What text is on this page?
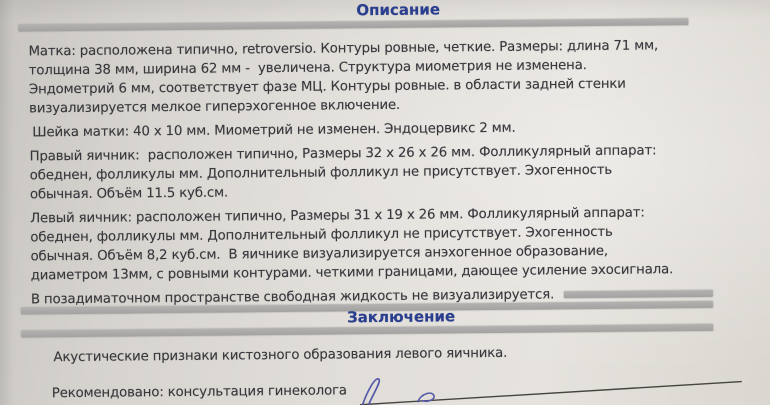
Описание
Матка: расположена типично, retroversio. Контуры ровные, четкие. Размеры: длина 71 мм,
толщина 38 мм, ширина 62 мм -  увеличена. Структура миометрия не изменена.
Эндометрий 6 мм, соответствует фазе МЦ. Контуры ровные. в области задней стенки
визуализируется мелкое гиперэхогенное включение.
Шейка матки: 40 х 10 мм. Миометрий не изменен. Эндоцервикс 2 мм.
Правый яичник:  расположен типично, Размеры 32 х 26 х 26 мм. Фолликулярный аппарат:
обеднен, фолликулы мм. Дополнительный фолликул не присутствует. Эхогенность
обычная. Объём 11.5 куб.см.
Левый яичник: расположен типично, Размеры 31 х 19 х 26 мм. Фолликулярный аппарат:
обеднен, фолликулы мм. Дополнительный фолликул не присутствует. Эхогенность
обычная. Объём 8,2 куб.см.  В яичнике визуализируется анэхогенное образование,
диаметром 13мм, с ровными контурами. четкими границами, дающее усиление эхосигнала.
В позадиматочном пространстве свободная жидкость не визуализируется.
Заключение
Акустические признаки кистозного образования левого яичника.
Рекомендовано: консультация гинеколога
